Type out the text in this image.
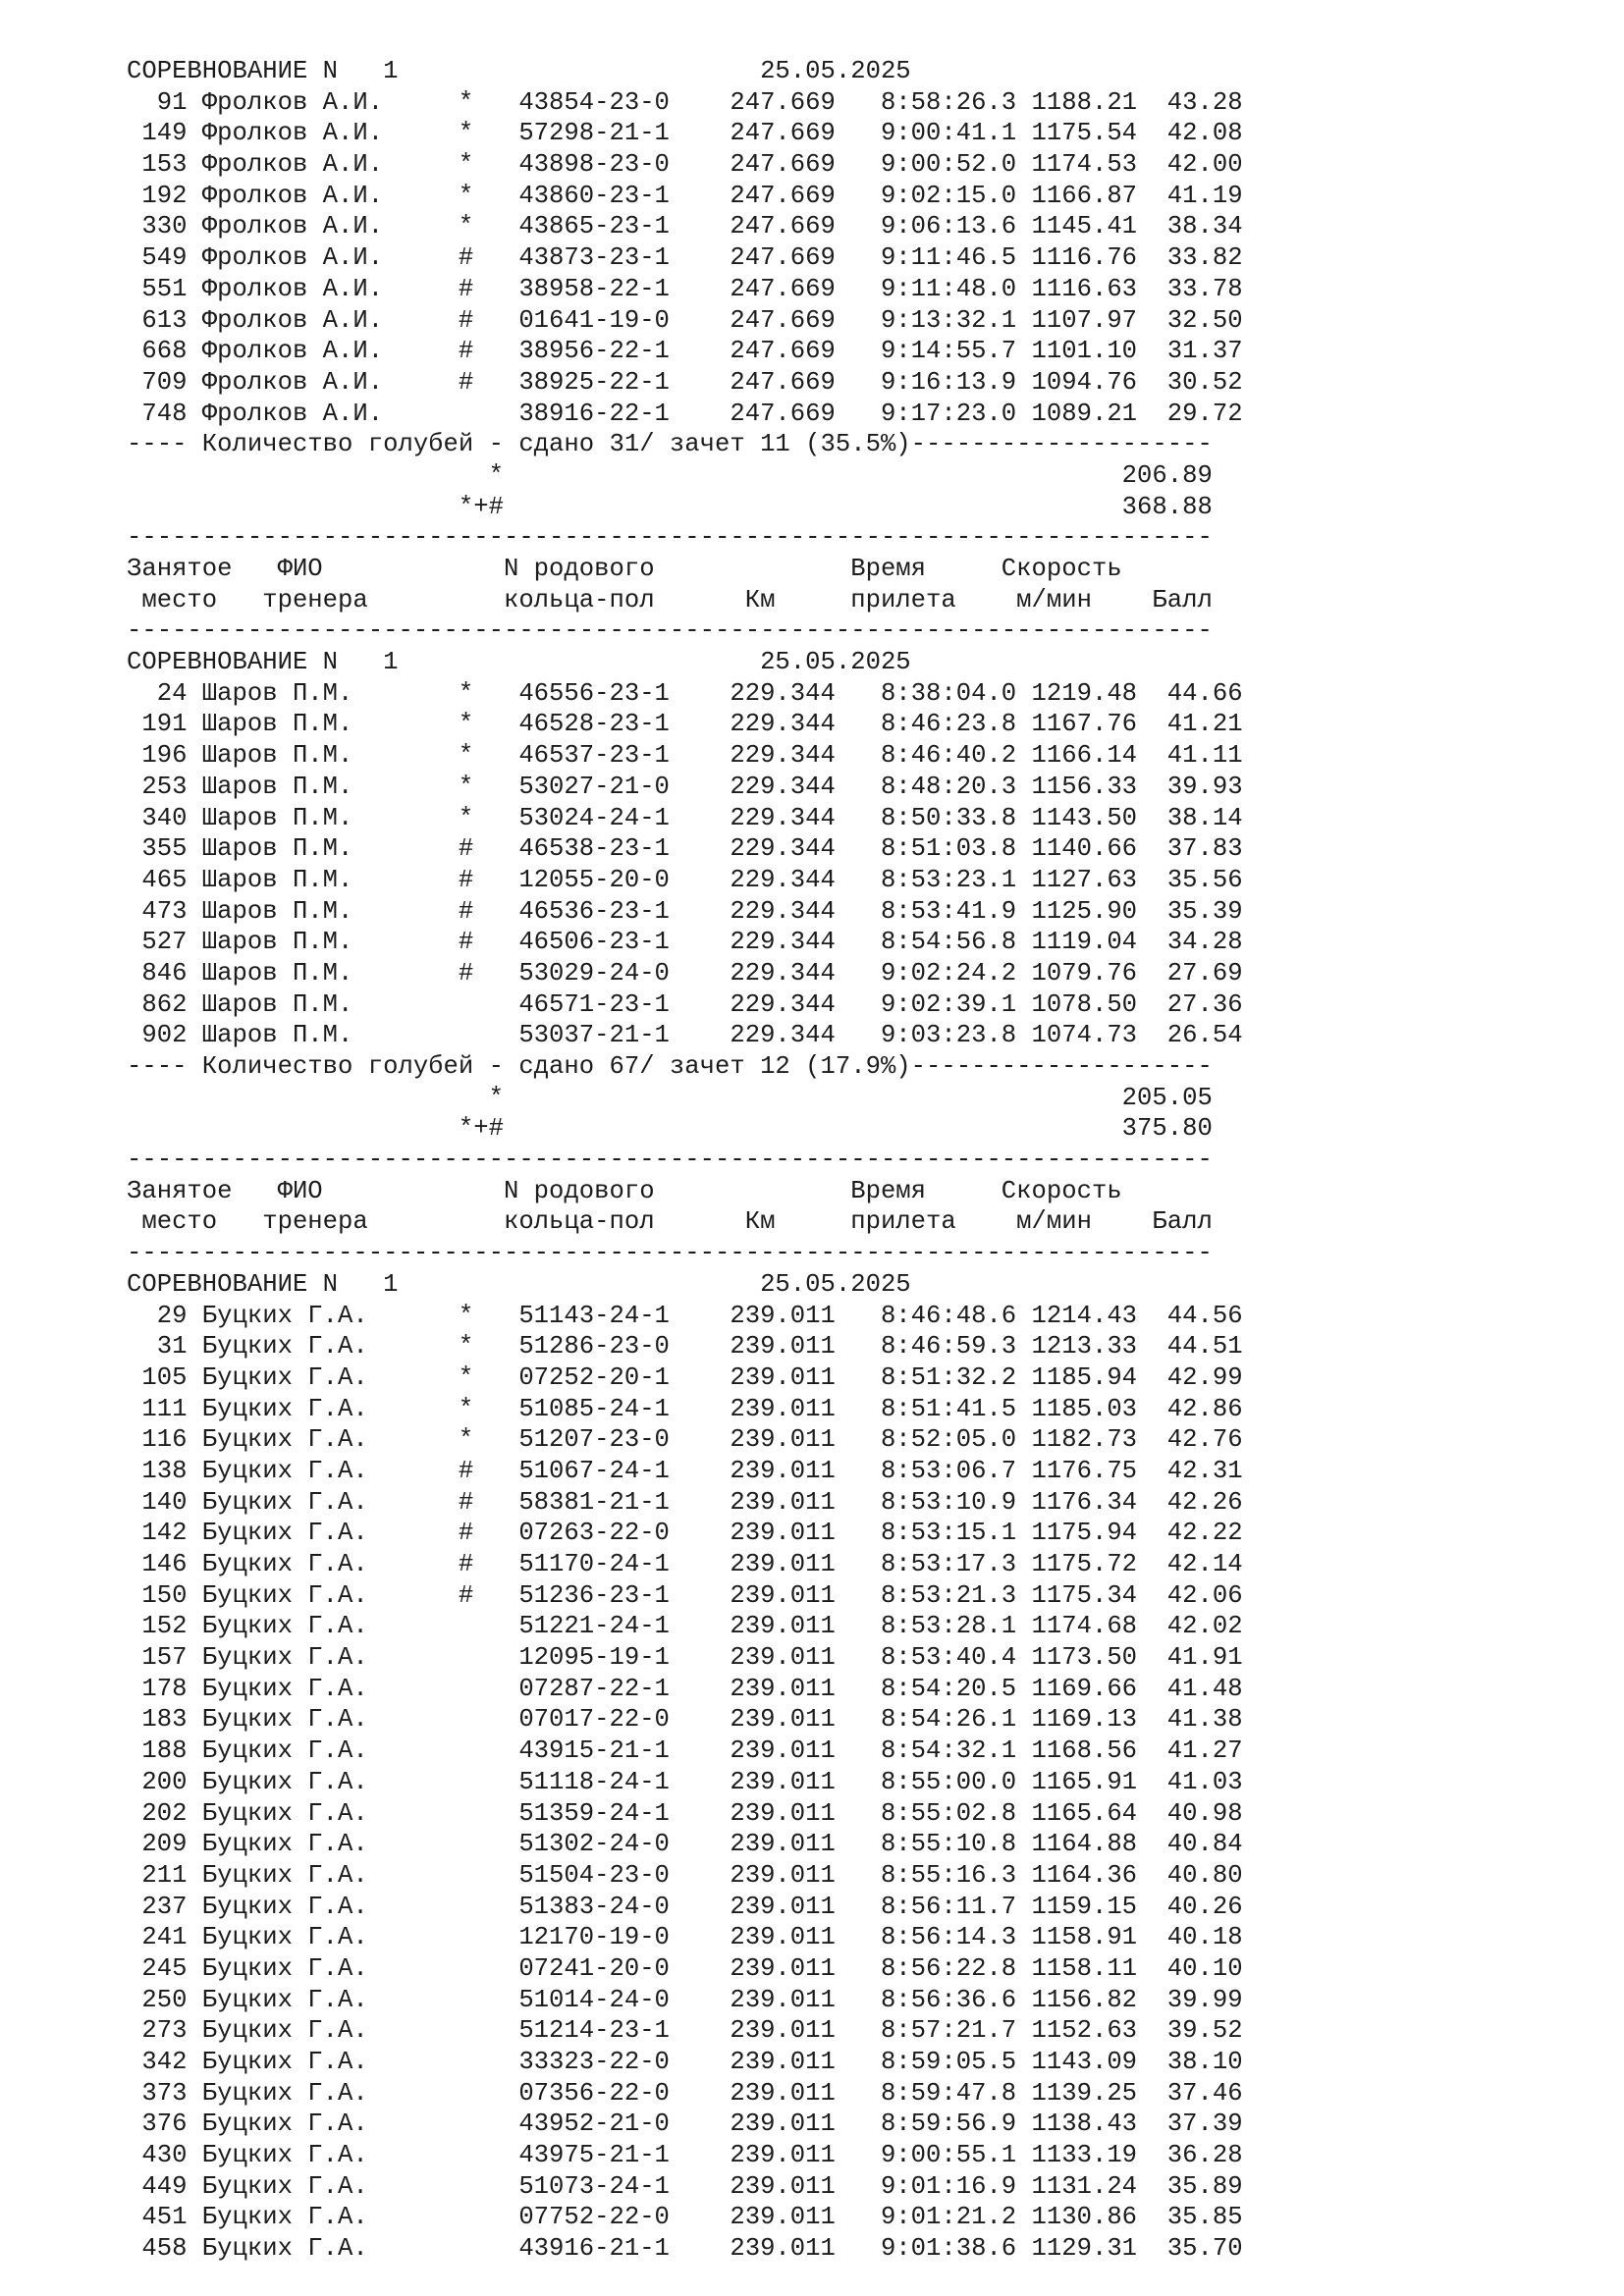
СОРЕВНОВАНИЕ N   1                        25.05.2025
91 Фролков А.И.     *   43854-23-0    247.669   8:58:26.3 1188.21  43.28
149 Фролков А.И.     *   57298-21-1    247.669   9:00:41.1 1175.54  42.08
153 Фролков А.И.     *   43898-23-0    247.669   9:00:52.0 1174.53  42.00
192 Фролков А.И.     *   43860-23-1    247.669   9:02:15.0 1166.87  41.19
330 Фролков А.И.     *   43865-23-1    247.669   9:06:13.6 1145.41  38.34
549 Фролков А.И.     #   43873-23-1    247.669   9:11:46.5 1116.76  33.82
551 Фролков А.И.     #   38958-22-1    247.669   9:11:48.0 1116.63  33.78
613 Фролков А.И.     #   01641-19-0    247.669   9:13:32.1 1107.97  32.50
668 Фролков А.И.     #   38956-22-1    247.669   9:14:55.7 1101.10  31.37
709 Фролков А.И.     #   38925-22-1    247.669   9:16:13.9 1094.76  30.52
748 Фролков А.И.         38916-22-1    247.669   9:17:23.0 1089.21  29.72
---- Количество голубей - сдано 31/ зачет 11 (35.5%)--------------------
*                                         206.89
*+#                                         368.88
------------------------------------------------------------------------
Занятое   ФИО            N родового             Время     Скорость
место   тренера         кольца-пол      Км     прилета    м/мин    Балл
------------------------------------------------------------------------
СОРЕВНОВАНИЕ N   1                        25.05.2025
24 Шаров П.М.       *   46556-23-1    229.344   8:38:04.0 1219.48  44.66
191 Шаров П.М.       *   46528-23-1    229.344   8:46:23.8 1167.76  41.21
196 Шаров П.М.       *   46537-23-1    229.344   8:46:40.2 1166.14  41.11
253 Шаров П.М.       *   53027-21-0    229.344   8:48:20.3 1156.33  39.93
340 Шаров П.М.       *   53024-24-1    229.344   8:50:33.8 1143.50  38.14
355 Шаров П.М.       #   46538-23-1    229.344   8:51:03.8 1140.66  37.83
465 Шаров П.М.       #   12055-20-0    229.344   8:53:23.1 1127.63  35.56
473 Шаров П.М.       #   46536-23-1    229.344   8:53:41.9 1125.90  35.39
527 Шаров П.М.       #   46506-23-1    229.344   8:54:56.8 1119.04  34.28
846 Шаров П.М.       #   53029-24-0    229.344   9:02:24.2 1079.76  27.69
862 Шаров П.М.           46571-23-1    229.344   9:02:39.1 1078.50  27.36
902 Шаров П.М.           53037-21-1    229.344   9:03:23.8 1074.73  26.54
---- Количество голубей - сдано 67/ зачет 12 (17.9%)--------------------
*                                         205.05
*+#                                         375.80
------------------------------------------------------------------------
Занятое   ФИО            N родового             Время     Скорость
место   тренера         кольца-пол      Км     прилета    м/мин    Балл
------------------------------------------------------------------------
СОРЕВНОВАНИЕ N   1                        25.05.2025
29 Буцких Г.А.      *   51143-24-1    239.011   8:46:48.6 1214.43  44.56
31 Буцких Г.А.      *   51286-23-0    239.011   8:46:59.3 1213.33  44.51
105 Буцких Г.А.      *   07252-20-1    239.011   8:51:32.2 1185.94  42.99
111 Буцких Г.А.      *   51085-24-1    239.011   8:51:41.5 1185.03  42.86
116 Буцких Г.А.      *   51207-23-0    239.011   8:52:05.0 1182.73  42.76
138 Буцких Г.А.      #   51067-24-1    239.011   8:53:06.7 1176.75  42.31
140 Буцких Г.А.      #   58381-21-1    239.011   8:53:10.9 1176.34  42.26
142 Буцких Г.А.      #   07263-22-0    239.011   8:53:15.1 1175.94  42.22
146 Буцких Г.А.      #   51170-24-1    239.011   8:53:17.3 1175.72  42.14
150 Буцких Г.А.      #   51236-23-1    239.011   8:53:21.3 1175.34  42.06
152 Буцких Г.А.          51221-24-1    239.011   8:53:28.1 1174.68  42.02
157 Буцких Г.А.          12095-19-1    239.011   8:53:40.4 1173.50  41.91
178 Буцких Г.А.          07287-22-1    239.011   8:54:20.5 1169.66  41.48
183 Буцких Г.А.          07017-22-0    239.011   8:54:26.1 1169.13  41.38
188 Буцких Г.А.          43915-21-1    239.011   8:54:32.1 1168.56  41.27
200 Буцких Г.А.          51118-24-1    239.011   8:55:00.0 1165.91  41.03
202 Буцких Г.А.          51359-24-1    239.011   8:55:02.8 1165.64  40.98
209 Буцких Г.А.          51302-24-0    239.011   8:55:10.8 1164.88  40.84
211 Буцких Г.А.          51504-23-0    239.011   8:55:16.3 1164.36  40.80
237 Буцких Г.А.          51383-24-0    239.011   8:56:11.7 1159.15  40.26
241 Буцких Г.А.          12170-19-0    239.011   8:56:14.3 1158.91  40.18
245 Буцких Г.А.          07241-20-0    239.011   8:56:22.8 1158.11  40.10
250 Буцких Г.А.          51014-24-0    239.011   8:56:36.6 1156.82  39.99
273 Буцких Г.А.          51214-23-1    239.011   8:57:21.7 1152.63  39.52
342 Буцких Г.А.          33323-22-0    239.011   8:59:05.5 1143.09  38.10
373 Буцких Г.А.          07356-22-0    239.011   8:59:47.8 1139.25  37.46
376 Буцких Г.А.          43952-21-0    239.011   8:59:56.9 1138.43  37.39
430 Буцких Г.А.          43975-21-1    239.011   9:00:55.1 1133.19  36.28
449 Буцких Г.А.          51073-24-1    239.011   9:01:16.9 1131.24  35.89
451 Буцких Г.А.          07752-22-0    239.011   9:01:21.2 1130.86  35.85
458 Буцких Г.А.          43916-21-1    239.011   9:01:38.6 1129.31  35.70
